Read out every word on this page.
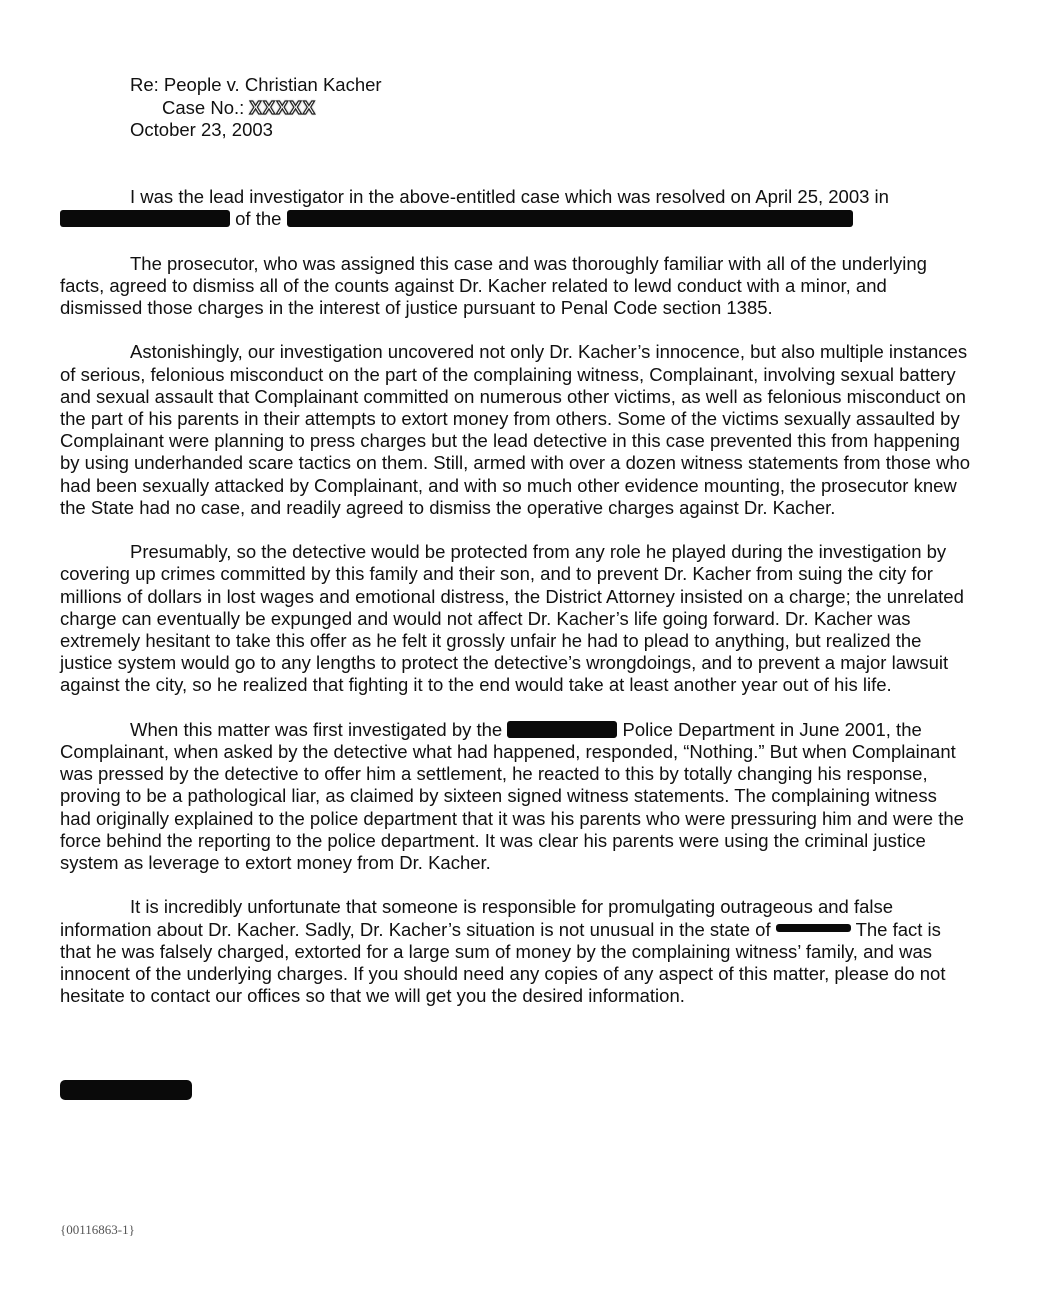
Re: People v. Christian Kacher
Case No.: XXXXX
October 23, 2003

I was the lead investigator in the above-entitled case which was resolved on April 25, 2003 in
of the

The prosecutor, who was assigned this case and was thoroughly familiar with all of the underlying facts, agreed to dismiss all of the counts against Dr. Kacher related to lewd conduct with a minor, and dismissed those charges in the interest of justice pursuant to Penal Code section 1385.

Astonishingly, our investigation uncovered not only Dr. Kacher’s innocence, but also multiple instances of serious, felonious misconduct on the part of the complaining witness, Complainant, involving sexual battery and sexual assault that Complainant committed on numerous other victims, as well as felonious misconduct on the part of his parents in their attempts to extort money from others. Some of the victims sexually assaulted by Complainant were planning to press charges but the lead detective in this case prevented this from happening by using underhanded scare tactics on them. Still, armed with over a dozen witness statements from those who had been sexually attacked by Complainant, and with so much other evidence mounting, the prosecutor knew the State had no case, and readily agreed to dismiss the operative charges against Dr. Kacher.

Presumably, so the detective would be protected from any role he played during the investigation by covering up crimes committed by this family and their son, and to prevent Dr. Kacher from suing the city for millions of dollars in lost wages and emotional distress, the District Attorney insisted on a charge; the unrelated charge can eventually be expunged and would not affect Dr. Kacher’s life going forward. Dr. Kacher was extremely hesitant to take this offer as he felt it grossly unfair he had to plead to anything, but realized the justice system would go to any lengths to protect the detective’s wrongdoings, and to prevent a major lawsuit against the city, so he realized that fighting it to the end would take at least another year out of his life.

When this matter was first investigated by the	Police Department in June 2001, the Complainant, when asked by the detective what had happened, responded, “Nothing.” But when Complainant was pressed by the detective to offer him a settlement, he reacted to this by totally changing his response, proving to be a pathological liar, as claimed by sixteen signed witness statements. The complaining witness had originally explained to the police department that it was his parents who were pressuring him and were the force behind the reporting to the police department. It was clear his parents were using the criminal justice system as leverage to extort money from Dr. Kacher.

It is incredibly unfortunate that someone is responsible for promulgating outrageous and false information about Dr. Kacher. Sadly, Dr. Kacher’s situation is not unusual in the state of	The fact is that he was falsely charged, extorted for a large sum of money by the complaining witness’ family, and was innocent of the underlying charges. If you should need any copies of any aspect of this matter, please do not hesitate to contact our offices so that we will get you the desired information.

{00116863-1}
